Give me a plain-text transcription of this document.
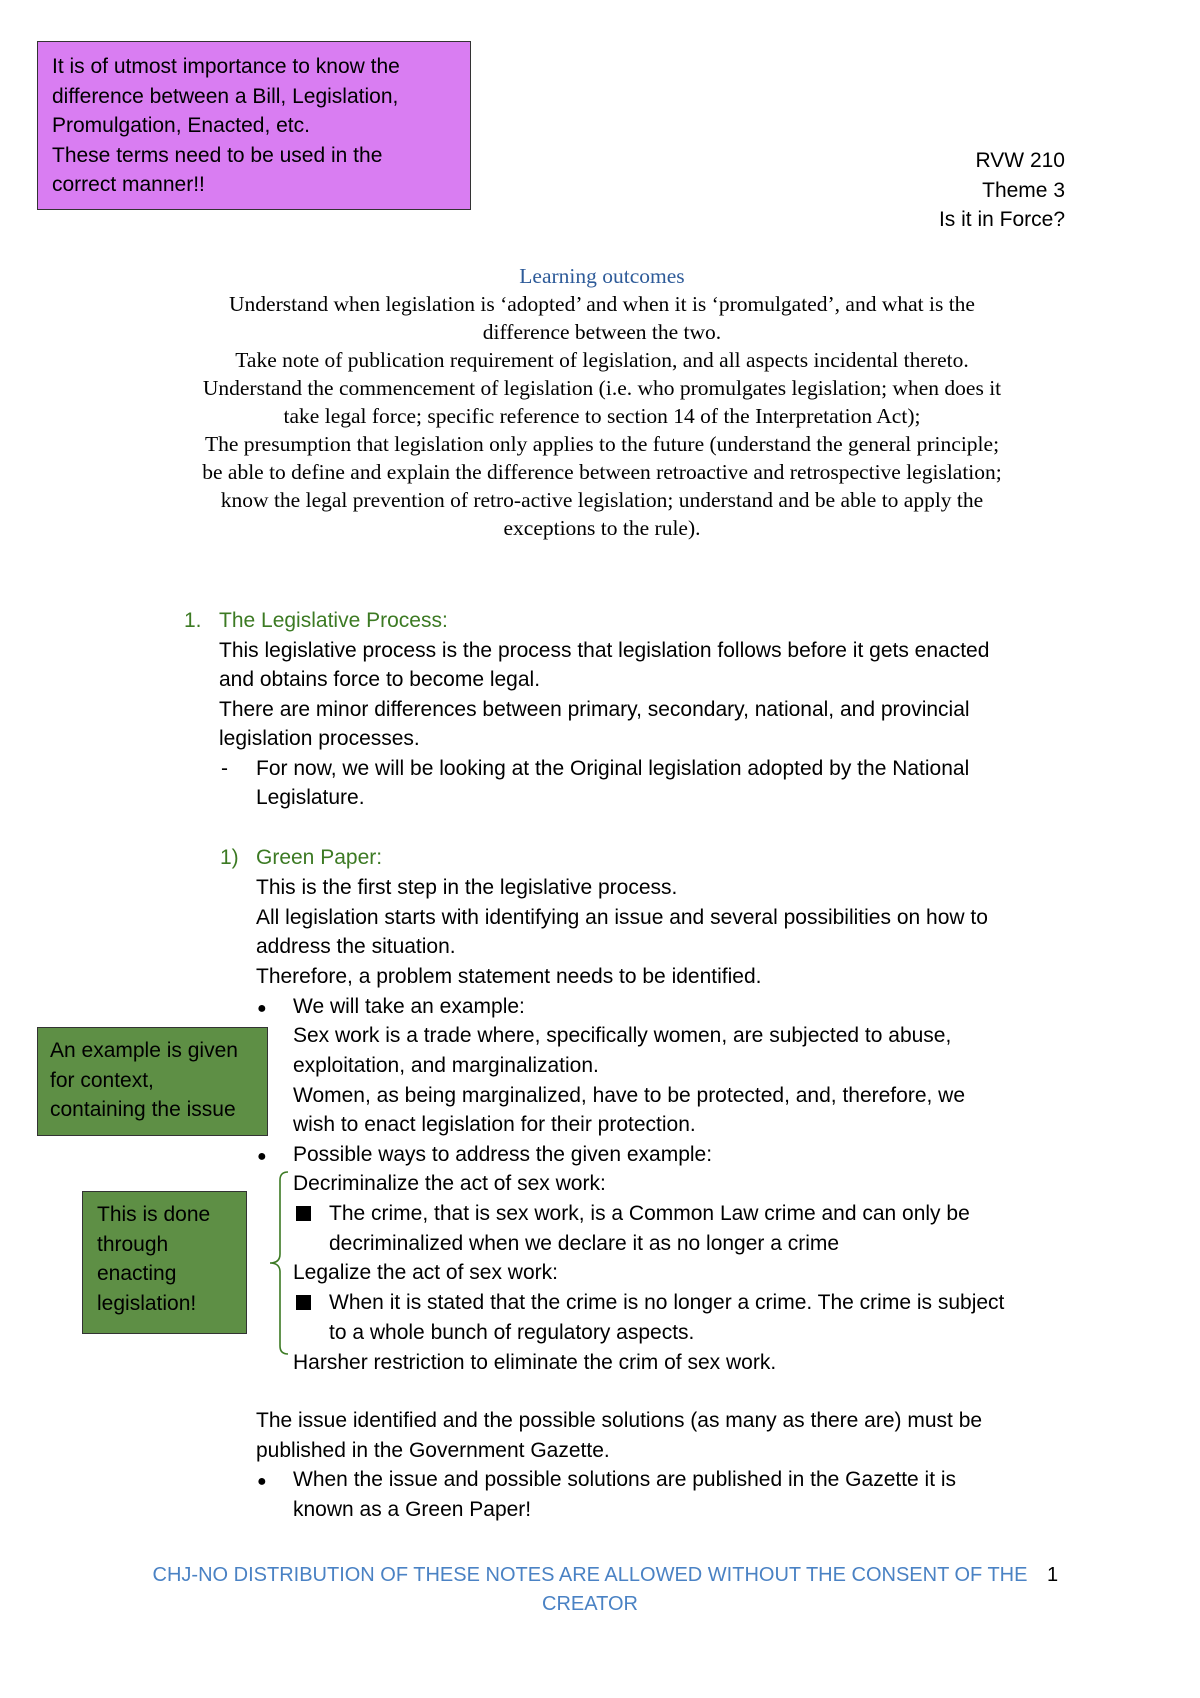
It is of utmost importance to know the
difference between a Bill, Legislation,
Promulgation, Enacted, etc.
These terms need to be used in the
correct manner!!
RVW 210
Theme 3
Is it in Force?
Learning outcomes
Understand when legislation is ‘adopted’ and when it is ‘promulgated’, and what is the
difference between the two.
Take note of publication requirement of legislation, and all aspects incidental thereto.
Understand the commencement of legislation (i.e. who promulgates legislation; when does it
take legal force; specific reference to section 14 of the Interpretation Act);
The presumption that legislation only applies to the future (understand the general principle;
be able to define and explain the difference between retroactive and retrospective legislation;
know the legal prevention of retro-active legislation; understand and be able to apply the
exceptions to the rule).
1. The Legislative Process:
This legislative process is the process that legislation follows before it gets enacted
and obtains force to become legal.
There are minor differences between primary, secondary, national, and provincial
legislation processes.
- For now, we will be looking at the Original legislation adopted by the National
Legislature.
1) Green Paper:
This is the first step in the legislative process.
All legislation starts with identifying an issue and several possibilities on how to
address the situation.
Therefore, a problem statement needs to be identified.
● We will take an example:
Sex work is a trade where, specifically women, are subjected to abuse,
exploitation, and marginalization.
Women, as being marginalized, have to be protected, and, therefore, we
wish to enact legislation for their protection.
● Possible ways to address the given example:
Decriminalize the act of sex work:
The crime, that is sex work, is a Common Law crime and can only be
decriminalized when we declare it as no longer a crime
Legalize the act of sex work:
When it is stated that the crime is no longer a crime. The crime is subject
to a whole bunch of regulatory aspects.
Harsher restriction to eliminate the crim of sex work.
The issue identified and the possible solutions (as many as there are) must be
published in the Government Gazette.
● When the issue and possible solutions are published in the Gazette it is
known as a Green Paper!
An example is given
for context,
containing the issue
This is done
through
enacting
legislation!
CHJ-NO DISTRIBUTION OF THESE NOTES ARE ALLOWED WITHOUT THE CONSENT OF THE
CREATOR
1
